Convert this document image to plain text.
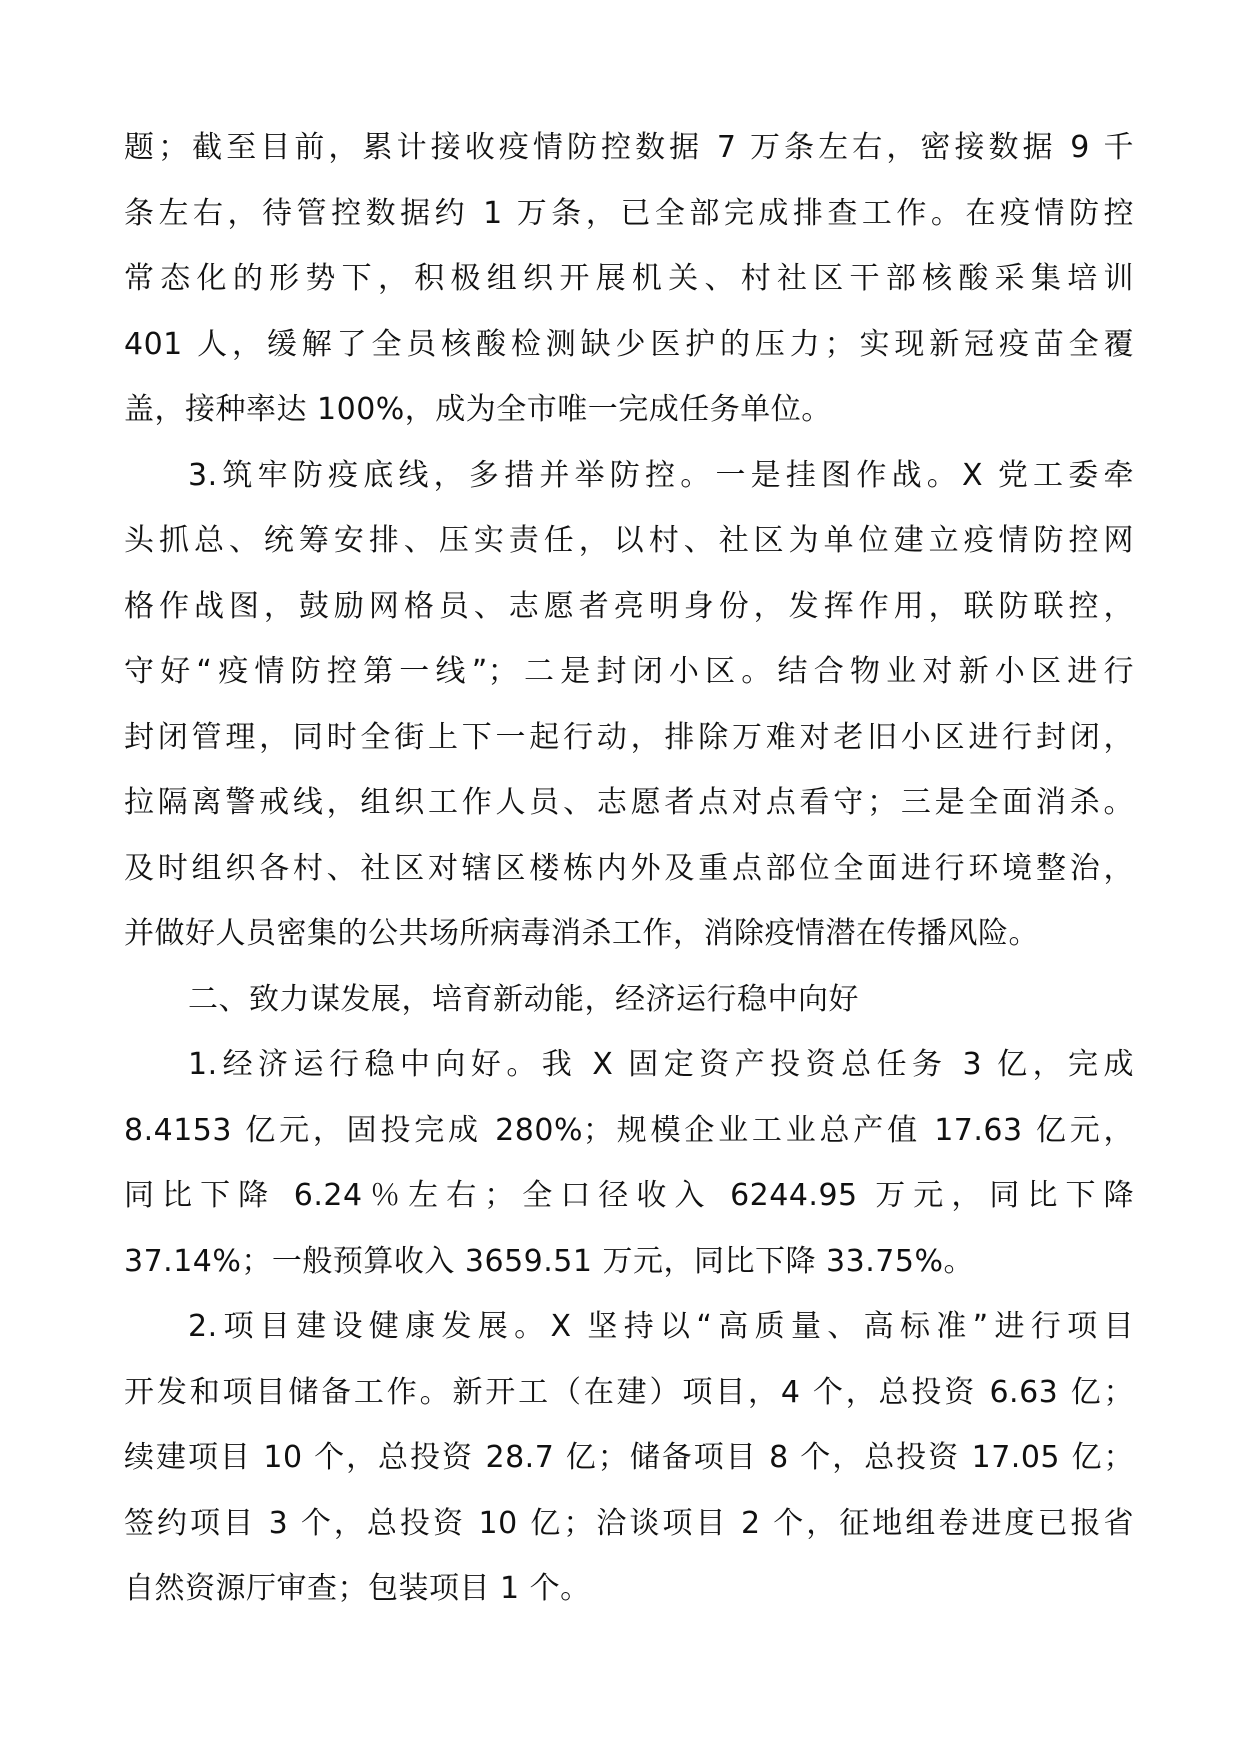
题；截至目前，累计接收疫情防控数据 7 万条左右，密接数据 9 千
条左右，待管控数据约 1 万条，已全部完成排查工作。在疫情防控
常态化的形势下，积极组织开展机关、村社区干部核酸采集培训
401 人，缓解了全员核酸检测缺少医护的压力；实现新冠疫苗全覆
盖，接种率达 100%，成为全市唯一完成任务单位。
3.筑牢防疫底线，多措并举防控。一是挂图作战。X 党工委牵
头抓总、统筹安排、压实责任，以村、社区为单位建立疫情防控网
格作战图，鼓励网格员、志愿者亮明身份，发挥作用，联防联控，
守好“疫情防控第一线”；二是封闭小区。结合物业对新小区进行
封闭管理，同时全街上下一起行动，排除万难对老旧小区进行封闭，
拉隔离警戒线，组织工作人员、志愿者点对点看守；三是全面消杀。
及时组织各村、社区对辖区楼栋内外及重点部位全面进行环境整治，
并做好人员密集的公共场所病毒消杀工作，消除疫情潜在传播风险。
二、致力谋发展，培育新动能，经济运行稳中向好
1.经济运行稳中向好。我 X 固定资产投资总任务 3 亿，完成
8.4153 亿元，固投完成 280%；规模企业工业总产值 17.63 亿元，
同比下降 6.24％左右；全口径收入 6244.95 万元，同比下降
37.14%；一般预算收入 3659.51 万元，同比下降 33.75%。
2.项目建设健康发展。X 坚持以“高质量、高标准”进行项目
开发和项目储备工作。新开工（在建）项目，4 个，总投资 6.63 亿；
续建项目 10 个，总投资 28.7 亿；储备项目 8 个，总投资 17.05 亿；
签约项目 3 个，总投资 10 亿；洽谈项目 2 个，征地组卷进度已报省
自然资源厅审查；包装项目 1 个。
